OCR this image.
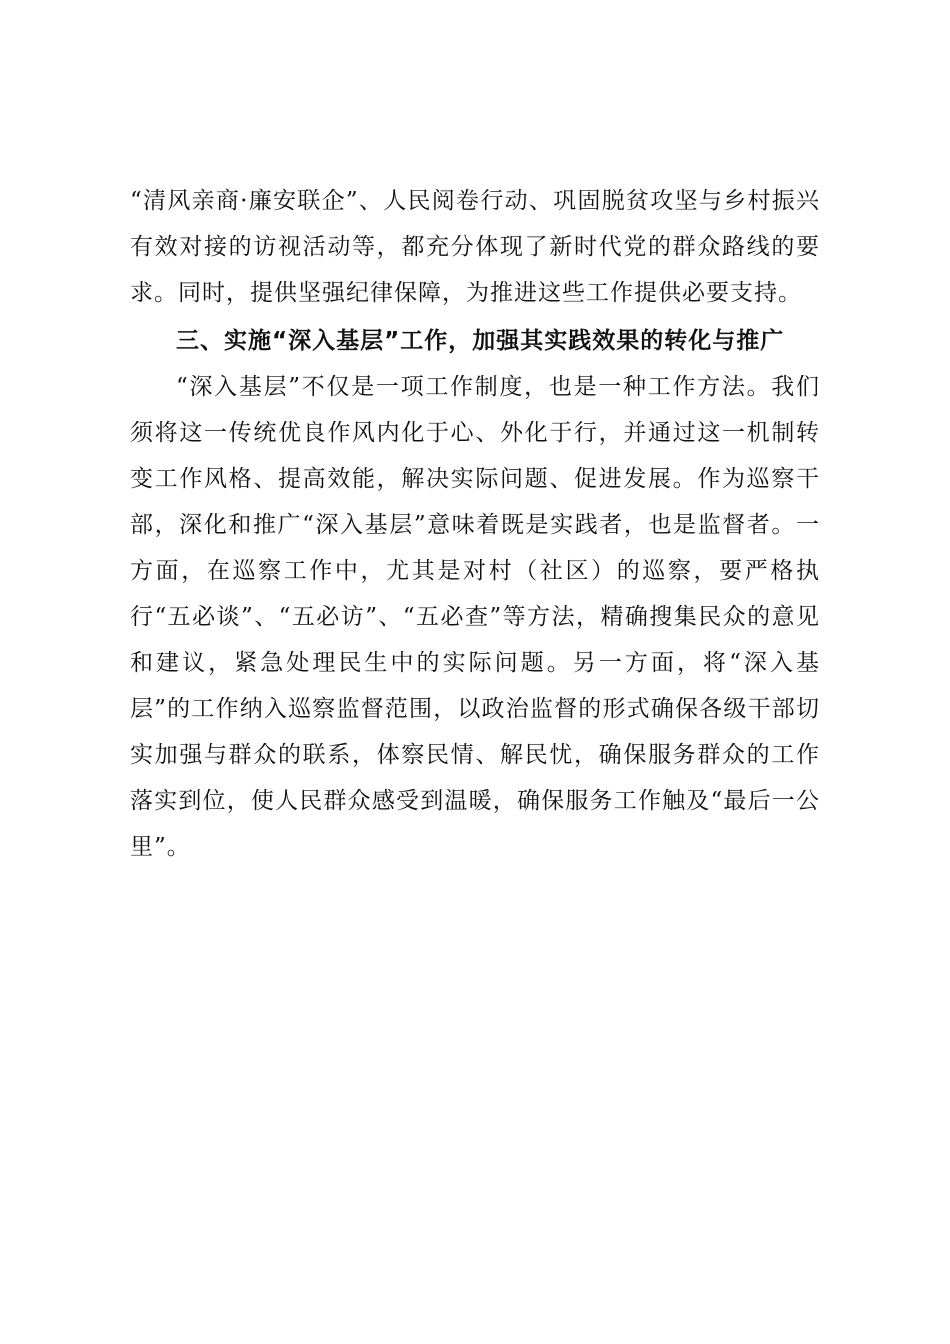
“清风亲商·廉安联企”、人民阅卷行动、巩固脱贫攻坚与乡村振兴有效对接的访视活动等，都充分体现了新时代党的群众路线的要求。同时，提供坚强纪律保障，为推进这些工作提供必要支持。

三、实施“深入基层”工作，加强其实践效果的转化与推广

“深入基层”不仅是一项工作制度，也是一种工作方法。我们须将这一传统优良作风内化于心、外化于行，并通过这一机制转变工作风格、提高效能，解决实际问题、促进发展。作为巡察干部，深化和推广“深入基层”意味着既是实践者，也是监督者。一方面，在巡察工作中，尤其是对村（社区）的巡察，要严格执行“五必谈”、“五必访”、“五必查”等方法，精确搜集民众的意见和建议，紧急处理民生中的实际问题。另一方面，将“深入基层”的工作纳入巡察监督范围，以政治监督的形式确保各级干部切实加强与群众的联系，体察民情、解民忧，确保服务群众的工作落实到位，使人民群众感受到温暖，确保服务工作触及“最后一公里”。
